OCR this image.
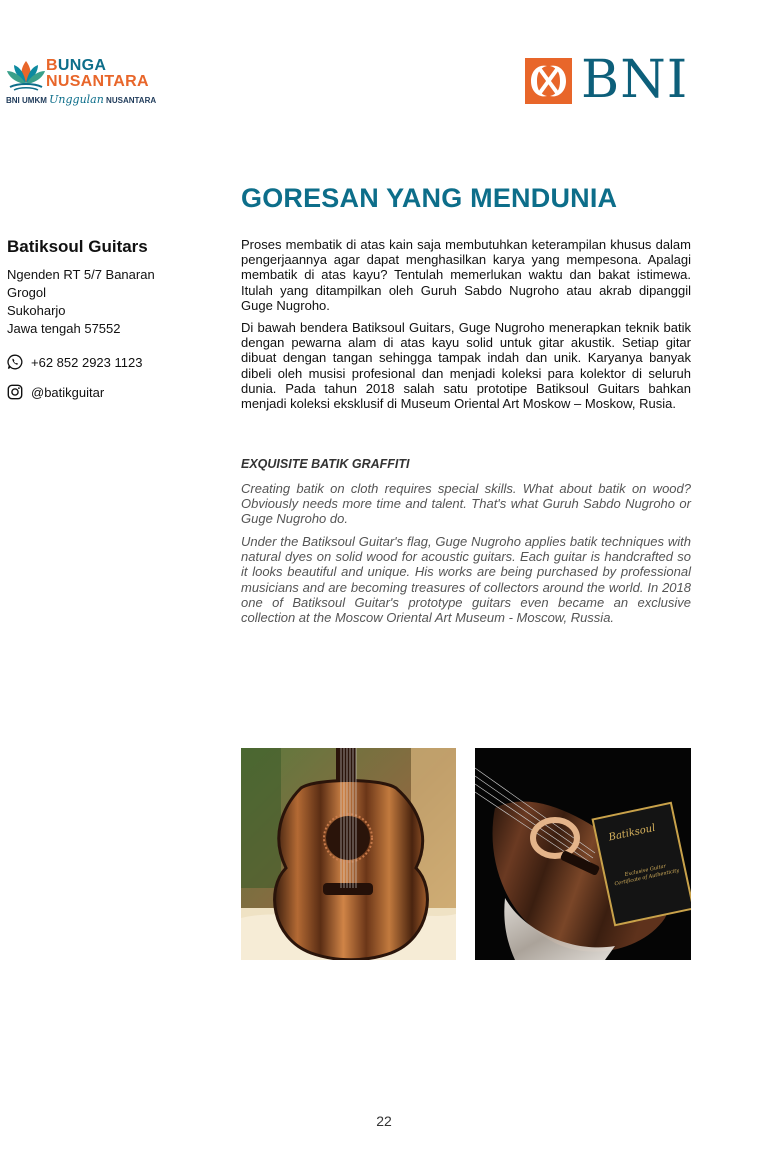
BUNGA
NUSANTARA
BNI UMKM Unggulan NUSANTARA	BNI
GORESAN YANG MENDUNIA
Batiksoul Guitars
Ngenden RT 5/7 Banaran
Grogol
Sukoharjo
Jawa tengah 57552
+62 852 2923 1123
@batikguitar
Proses membatik di atas kain saja membutuhkan keterampilan khusus dalam pengerjaannya agar dapat menghasilkan karya yang mempesona. Apalagi membatik di atas kayu? Tentulah memerlukan waktu dan bakat istimewa. Itulah yang ditampilkan oleh Guruh Sabdo Nugroho atau akrab dipanggil Guge Nugroho.
Di bawah bendera Batiksoul Guitars, Guge Nugroho menerapkan teknik batik dengan pewarna alam di atas kayu solid untuk gitar akustik. Setiap gitar dibuat dengan tangan sehingga tampak indah dan unik. Karyanya banyak dibeli oleh musisi profesional dan menjadi koleksi para kolektor di seluruh dunia. Pada tahun 2018 salah satu prototipe Batiksoul Guitars bahkan menjadi koleksi eksklusif di Museum Oriental Art Moskow – Moskow, Rusia.
EXQUISITE BATIK GRAFFITI
Creating batik on cloth requires special skills. What about batik on wood? Obviously needs more time and talent. That's what Guruh Sabdo Nugroho or Guge Nugroho do.
Under the Batiksoul Guitar's flag, Guge Nugroho applies batik techniques with natural dyes on solid wood for acoustic guitars. Each guitar is handcrafted so it looks beautiful and unique. His works are being purchased by professional musicians and are becoming treasures of collectors around the world. In 2018 one of Batiksoul Guitar's prototype guitars even became an exclusive collection at the Moscow Oriental Art Museum - Moscow, Russia.
Batiksoul
Exclusive Guitar Certificate of Authenticity
22
